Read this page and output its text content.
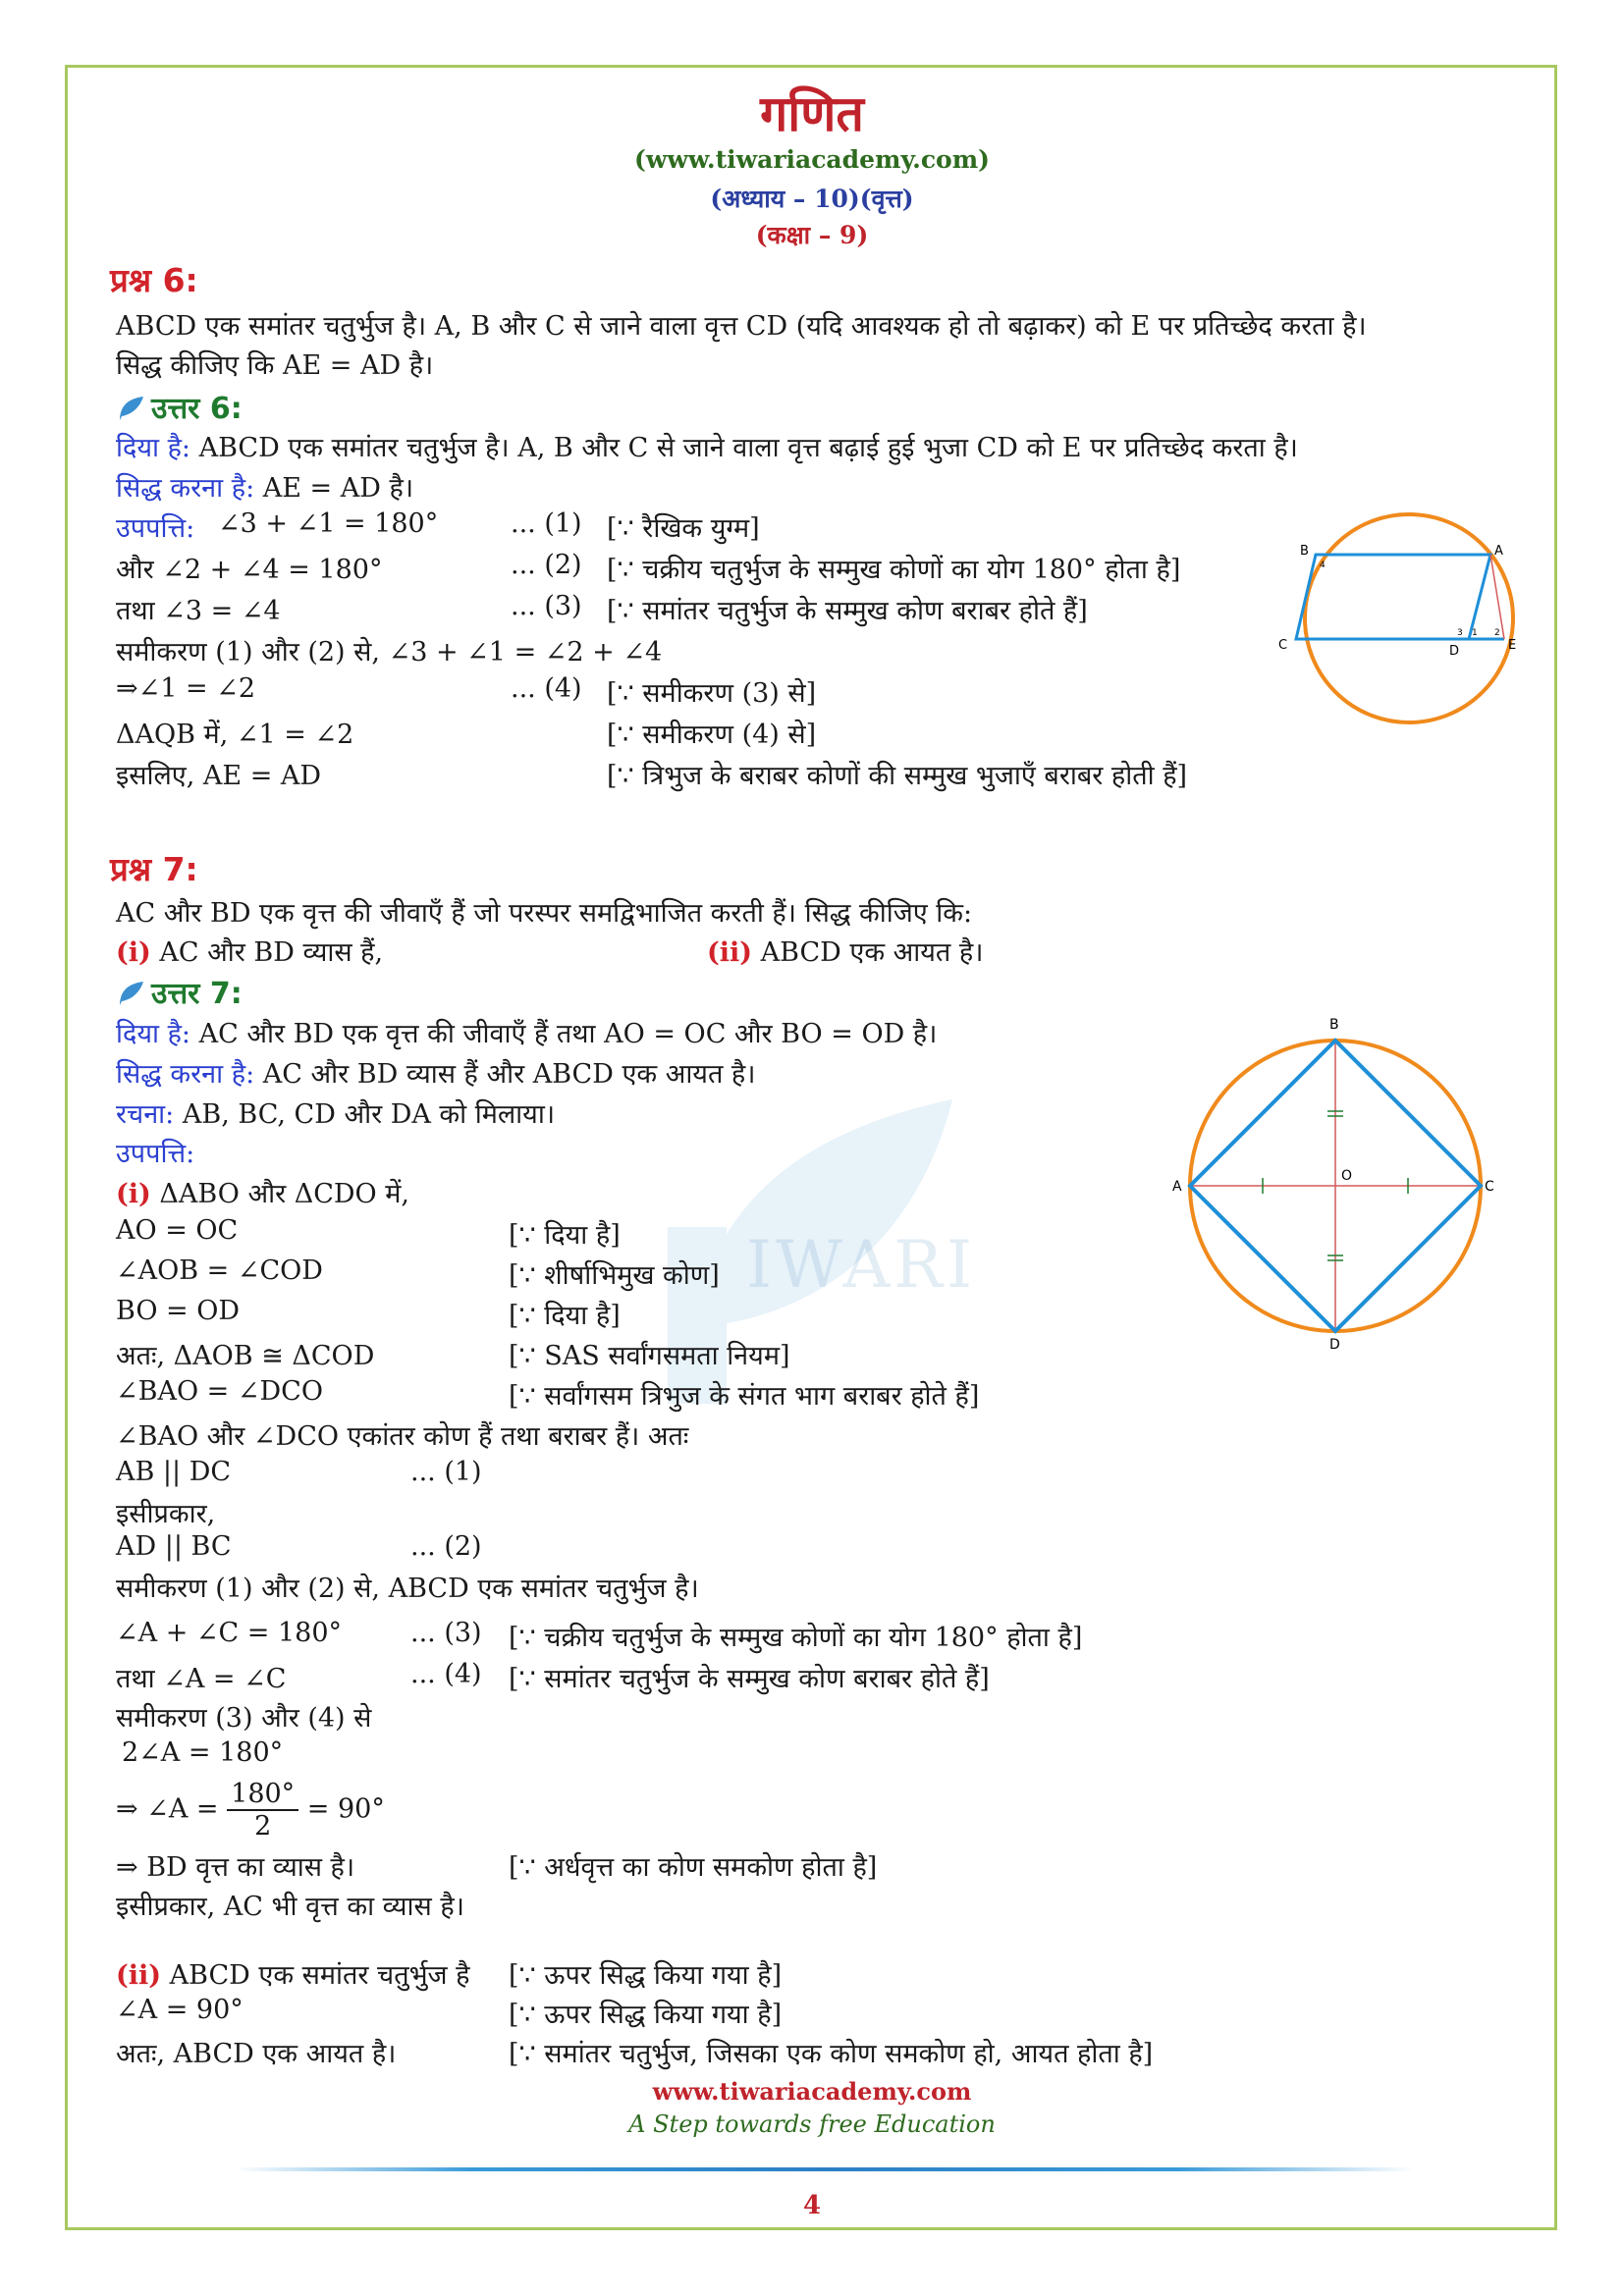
IWARI
गणित
(www.tiwariacademy.com)
(अध्याय – 10)(वृत्त)
(कक्षा – 9)
प्रश्न 6:
ABCD एक समांतर चतुर्भुज है। A, B और C से जाने वाला वृत्त CD (यदि आवश्यक हो तो बढ़ाकर) को E पर प्रतिच्छेद करता है।
सिद्ध कीजिए कि AE = AD है।
उत्तर 6:
दिया है: ABCD एक समांतर चतुर्भुज है। A, B और C से जाने वाला वृत्त बढ़ाई हुई भुजा CD को E पर प्रतिच्छेद करता है।
सिद्ध करना है: AE = AD है।
उपपत्ति: ∠3 + ∠1 = 180°	... (1) [∵ रैखिक युग्म]
और ∠2 + ∠4 = 180°	... (2) [∵ चक्रीय चतुर्भुज के सम्मुख कोणों का योग 180° होता है]
तथा ∠3 = ∠4	... (3) [∵ समांतर चतुर्भुज के सम्मुख कोण बराबर होते हैं]
समीकरण (1) और (2) से, ∠3 + ∠1 = ∠2 + ∠4
⇒∠1 = ∠2	... (4) [∵ समीकरण (3) से]
ΔAQB में, ∠1 = ∠2	[∵ समीकरण (4) से]
इसलिए, AE = AD	[∵ त्रिभुज के बराबर कोणों की सम्मुख भुजाएँ बराबर होती हैं]
B	A
C	D	E
4
3 1 2
प्रश्न 7:
AC और BD एक वृत्त की जीवाएँ हैं जो परस्पर समद्विभाजित करती हैं। सिद्ध कीजिए कि:
(i) AC और BD व्यास हैं,	(ii) ABCD एक आयत है।
उत्तर 7:
दिया है: AC और BD एक वृत्त की जीवाएँ हैं तथा AO = OC और BO = OD है।
सिद्ध करना है: AC और BD व्यास हैं और ABCD एक आयत है।
रचना: AB, BC, CD और DA को मिलाया।
उपपत्ति:
(i) ΔABO और ΔCDO में,
AO = OC	[∵ दिया है]
∠AOB = ∠COD	[∵ शीर्षाभिमुख कोण]
BO = OD	[∵ दिया है]
अतः, ΔAOB ≅ ΔCOD	[∵ SAS सर्वांगसमता नियम]
∠BAO = ∠DCO	[∵ सर्वांगसम त्रिभुज के संगत भाग बराबर होते हैं]
∠BAO और ∠DCO एकांतर कोण हैं तथा बराबर हैं। अतः
AB || DC	... (1)
इसीप्रकार,
AD || BC	... (2)
समीकरण (1) और (2) से, ABCD एक समांतर चतुर्भुज है।
∠A + ∠C = 180°	... (3) [∵ चक्रीय चतुर्भुज के सम्मुख कोणों का योग 180° होता है]
तथा ∠A = ∠C	... (4) [∵ समांतर चतुर्भुज के सम्मुख कोण बराबर होते हैं]
समीकरण (3) और (4) से
2∠A = 180°
⇒ ∠A = $\frac{180^\circ}{2} = 90^\circ$
⇒ BD वृत्त का व्यास है।	[∵ अर्धवृत्त का कोण समकोण होता है]
इसीप्रकार, AC भी वृत्त का व्यास है।
(ii) ABCD एक समांतर चतुर्भुज है [∵ ऊपर सिद्ध किया गया है]
∠A = 90°	[∵ ऊपर सिद्ध किया गया है]
अतः, ABCD एक आयत है।	[∵ समांतर चतुर्भुज, जिसका एक कोण समकोण हो, आयत होता है]
B
A	C
D
O
www.tiwariacademy.com
A Step towards free Education
4
